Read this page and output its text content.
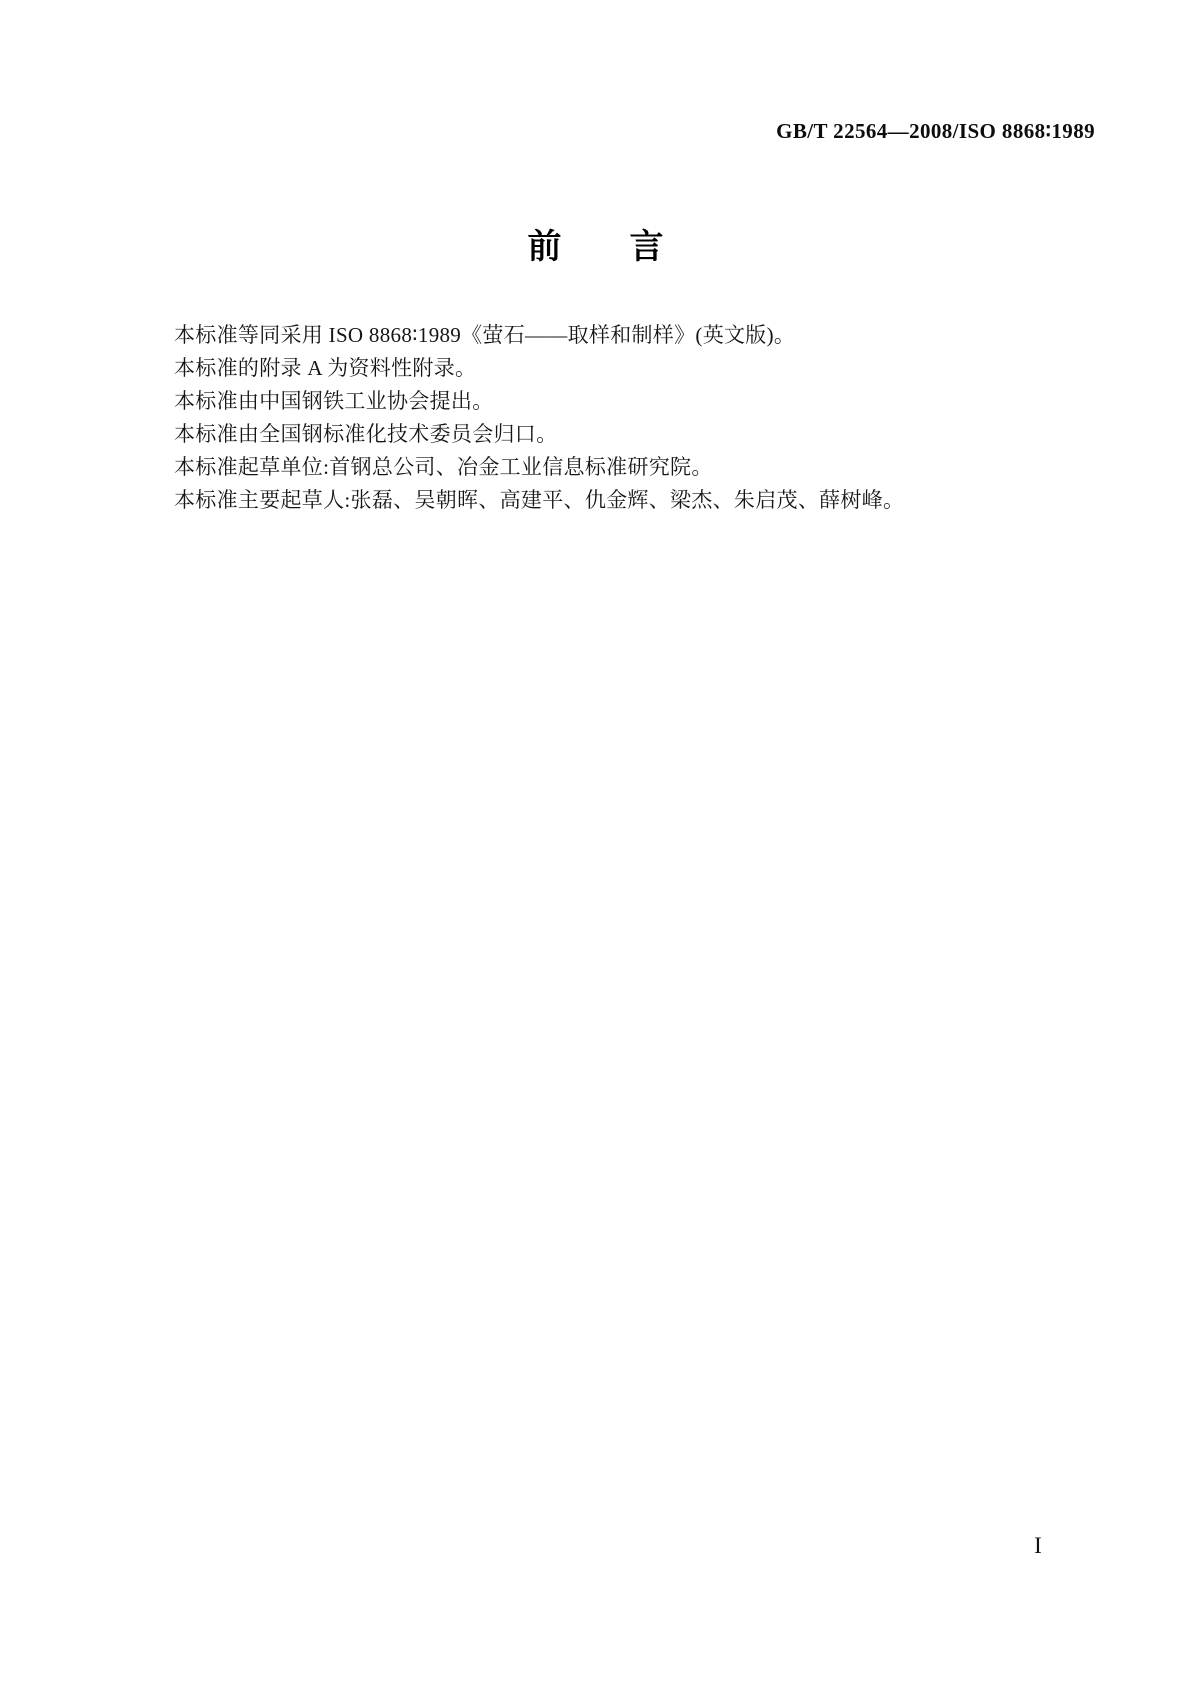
GB/T 22564—2008/ISO 8868∶1989
前　　言

本标准等同采用 ISO 8868∶1989《萤石——取样和制样》(英文版)。

本标准的附录 A 为资料性附录。

本标准由中国钢铁工业协会提出。

本标准由全国钢标准化技术委员会归口。

本标准起草单位:首钢总公司、冶金工业信息标准研究院。

本标准主要起草人:张磊、吴朝晖、高建平、仇金辉、梁杰、朱启茂、薛树峰。

I
